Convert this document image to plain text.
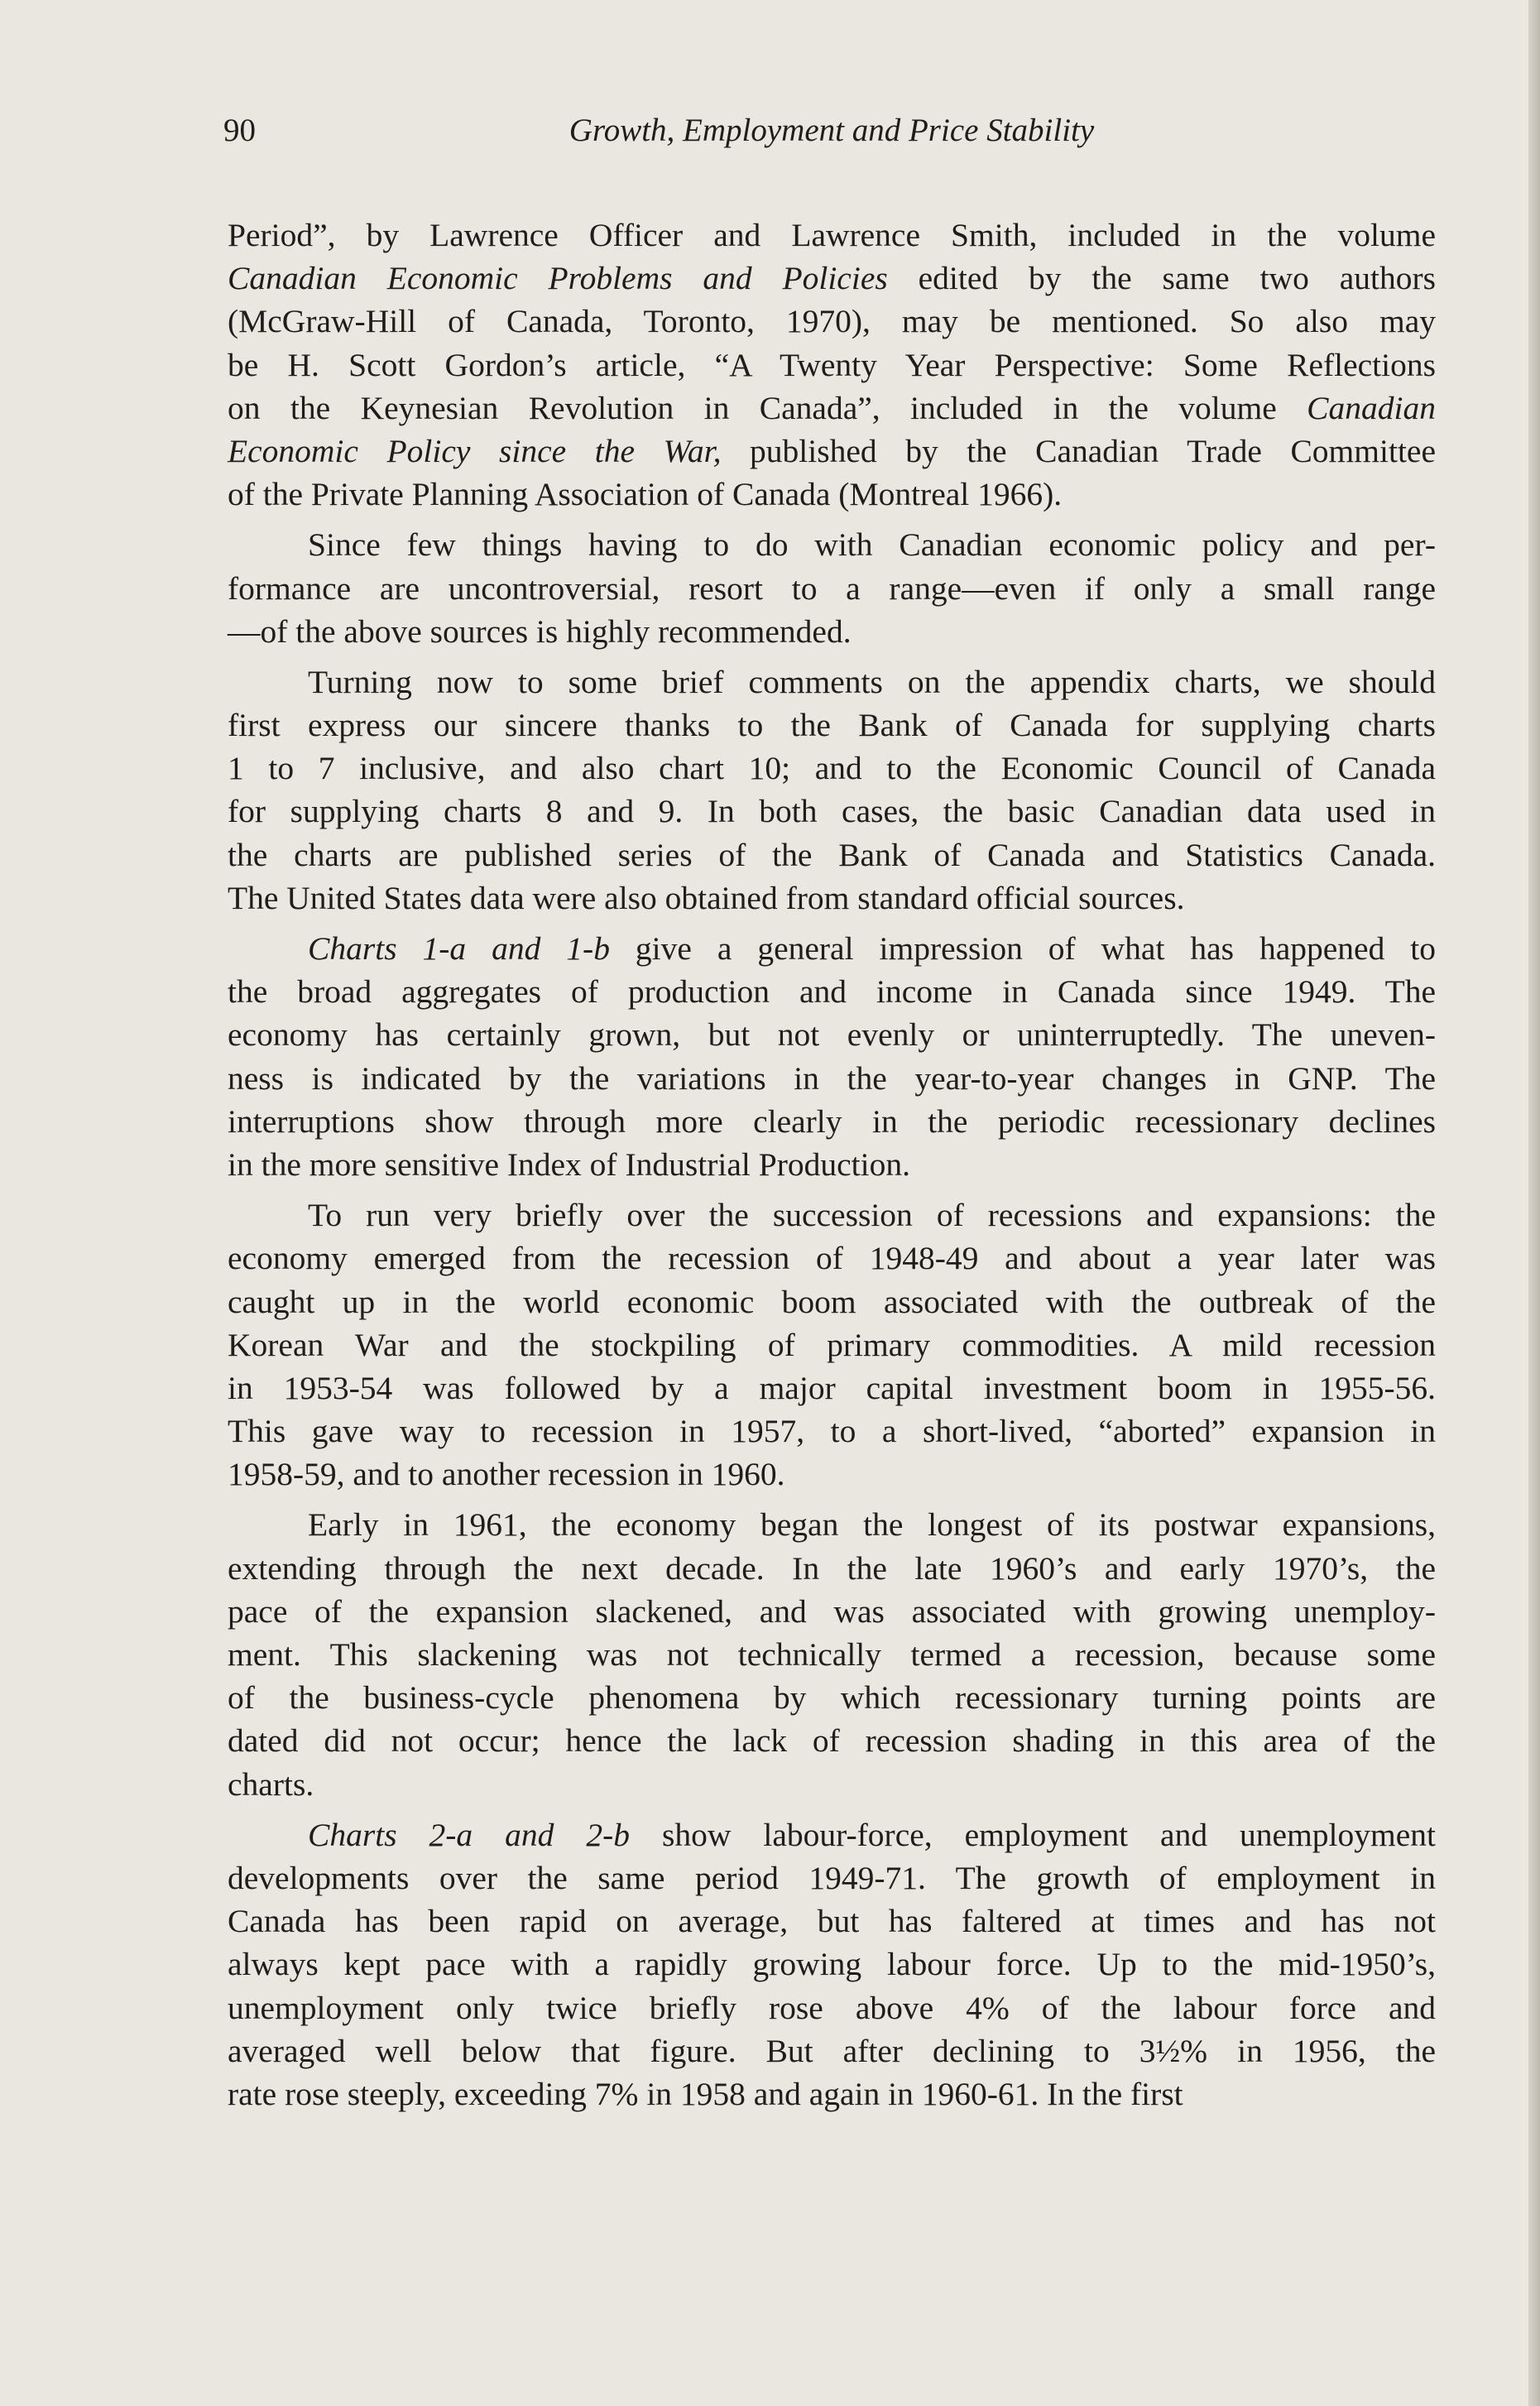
90	Growth, Employment and Price Stability
Period”, by Lawrence Officer and Lawrence Smith, included in the volume
Canadian Economic Problems and Policies edited by the same two authors
(McGraw-Hill of Canada, Toronto, 1970), may be mentioned. So also may
be H. Scott Gordon’s article, “A Twenty Year Perspective: Some Reflections
on the Keynesian Revolution in Canada”, included in the volume Canadian
Economic Policy since the War, published by the Canadian Trade Committee
of the Private Planning Association of Canada (Montreal 1966).
Since few things having to do with Canadian economic policy and per-
formance are uncontroversial, resort to a range—even if only a small range
—of the above sources is highly recommended.
Turning now to some brief comments on the appendix charts, we should
first express our sincere thanks to the Bank of Canada for supplying charts
1 to 7 inclusive, and also chart 10; and to the Economic Council of Canada
for supplying charts 8 and 9. In both cases, the basic Canadian data used in
the charts are published series of the Bank of Canada and Statistics Canada.
The United States data were also obtained from standard official sources.
Charts 1-a and 1-b give a general impression of what has happened to
the broad aggregates of production and income in Canada since 1949. The
economy has certainly grown, but not evenly or uninterruptedly. The uneven-
ness is indicated by the variations in the year-to-year changes in GNP. The
interruptions show through more clearly in the periodic recessionary declines
in the more sensitive Index of Industrial Production.
To run very briefly over the succession of recessions and expansions: the
economy emerged from the recession of 1948-49 and about a year later was
caught up in the world economic boom associated with the outbreak of the
Korean War and the stockpiling of primary commodities. A mild recession
in 1953-54 was followed by a major capital investment boom in 1955-56.
This gave way to recession in 1957, to a short-lived, “aborted” expansion in
1958-59, and to another recession in 1960.
Early in 1961, the economy began the longest of its postwar expansions,
extending through the next decade. In the late 1960’s and early 1970’s, the
pace of the expansion slackened, and was associated with growing unemploy-
ment. This slackening was not technically termed a recession, because some
of the business-cycle phenomena by which recessionary turning points are
dated did not occur; hence the lack of recession shading in this area of the
charts.
Charts 2-a and 2-b show labour-force, employment and unemployment
developments over the same period 1949-71. The growth of employment in
Canada has been rapid on average, but has faltered at times and has not
always kept pace with a rapidly growing labour force. Up to the mid-1950’s,
unemployment only twice briefly rose above 4% of the labour force and
averaged well below that figure. But after declining to 3½% in 1956, the
rate rose steeply, exceeding 7% in 1958 and again in 1960-61. In the first
